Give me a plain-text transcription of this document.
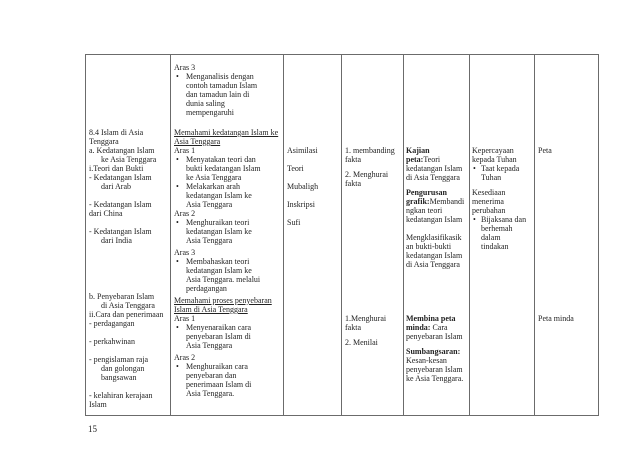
Aras 3

• Menganalisis dengan

contoh tamadun Islam

dan tamadun lain di

dunia saling

mempengaruhi

8.4 Islam di Asia

Tenggara

a. Kedatangan Islam

ke Asia Tenggara

i.Teori dan Bukti

- Kedatangan Islam

dari Arab

- Kedatangan Islam

dari China

- Kedatangan Islam

dari India

Memahami kedatangan Islam ke

Asia Tenggara

Aras 1

• Menyatakan teori dan

bukti kedatangan Islam

ke Asia Tenggara

• Melakarkan arah

kedatangan Islam ke

Asia Tenggara

Aras 2

• Menghuraikan teori

kedatangan Islam ke

Asia Tenggara

Aras 3

• Membahaskan teori

kedatangan Islam ke

Asia Tenggara. melalui

perdagangan

Asimilasi

Teori

Mubaligh

Inskripsi

Sufi

1. membanding

fakta

2. Menghurai

fakta

Kajian

peta:Teori

kedatangan Islam

di Asia Tenggara

Pengurusan

grafik:Membandi

ngkan teori

kedatangan Islam

Mengklasifikasik

an bukti-bukti

kedatangan Islam

di Asia Tenggara

Kepercayaan

kepada Tuhan

• Taat kepada

Tuhan

Kesediaan

menerima

perubahan

• Bijaksana dan

berhemah dalam

tindakan

Peta

b. Penyebaran Islam

di Asia Tenggara

ii.Cara dan penerimaan

- perdagangan

- perkahwinan

- pengislaman raja

dan golongan

bangsawan

- kelahiran kerajaan

Islam

Memahami proses penyebaran

Islam di Asia Tenggara

Aras 1

• Menyenaraikan cara

penyebaran Islam di

Asia Tenggara

Aras 2

• Menghuraikan cara

penyebaran dan

penerimaan Islam di

Asia Tenggara.

1.Menghurai

fakta

2. Menilai

Membina peta

minda: Cara

penyebaran Islam

Sumbangsaran:

Kesan-kesan

penyebaran Islam

ke Asia Tenggara.

Peta minda

15
